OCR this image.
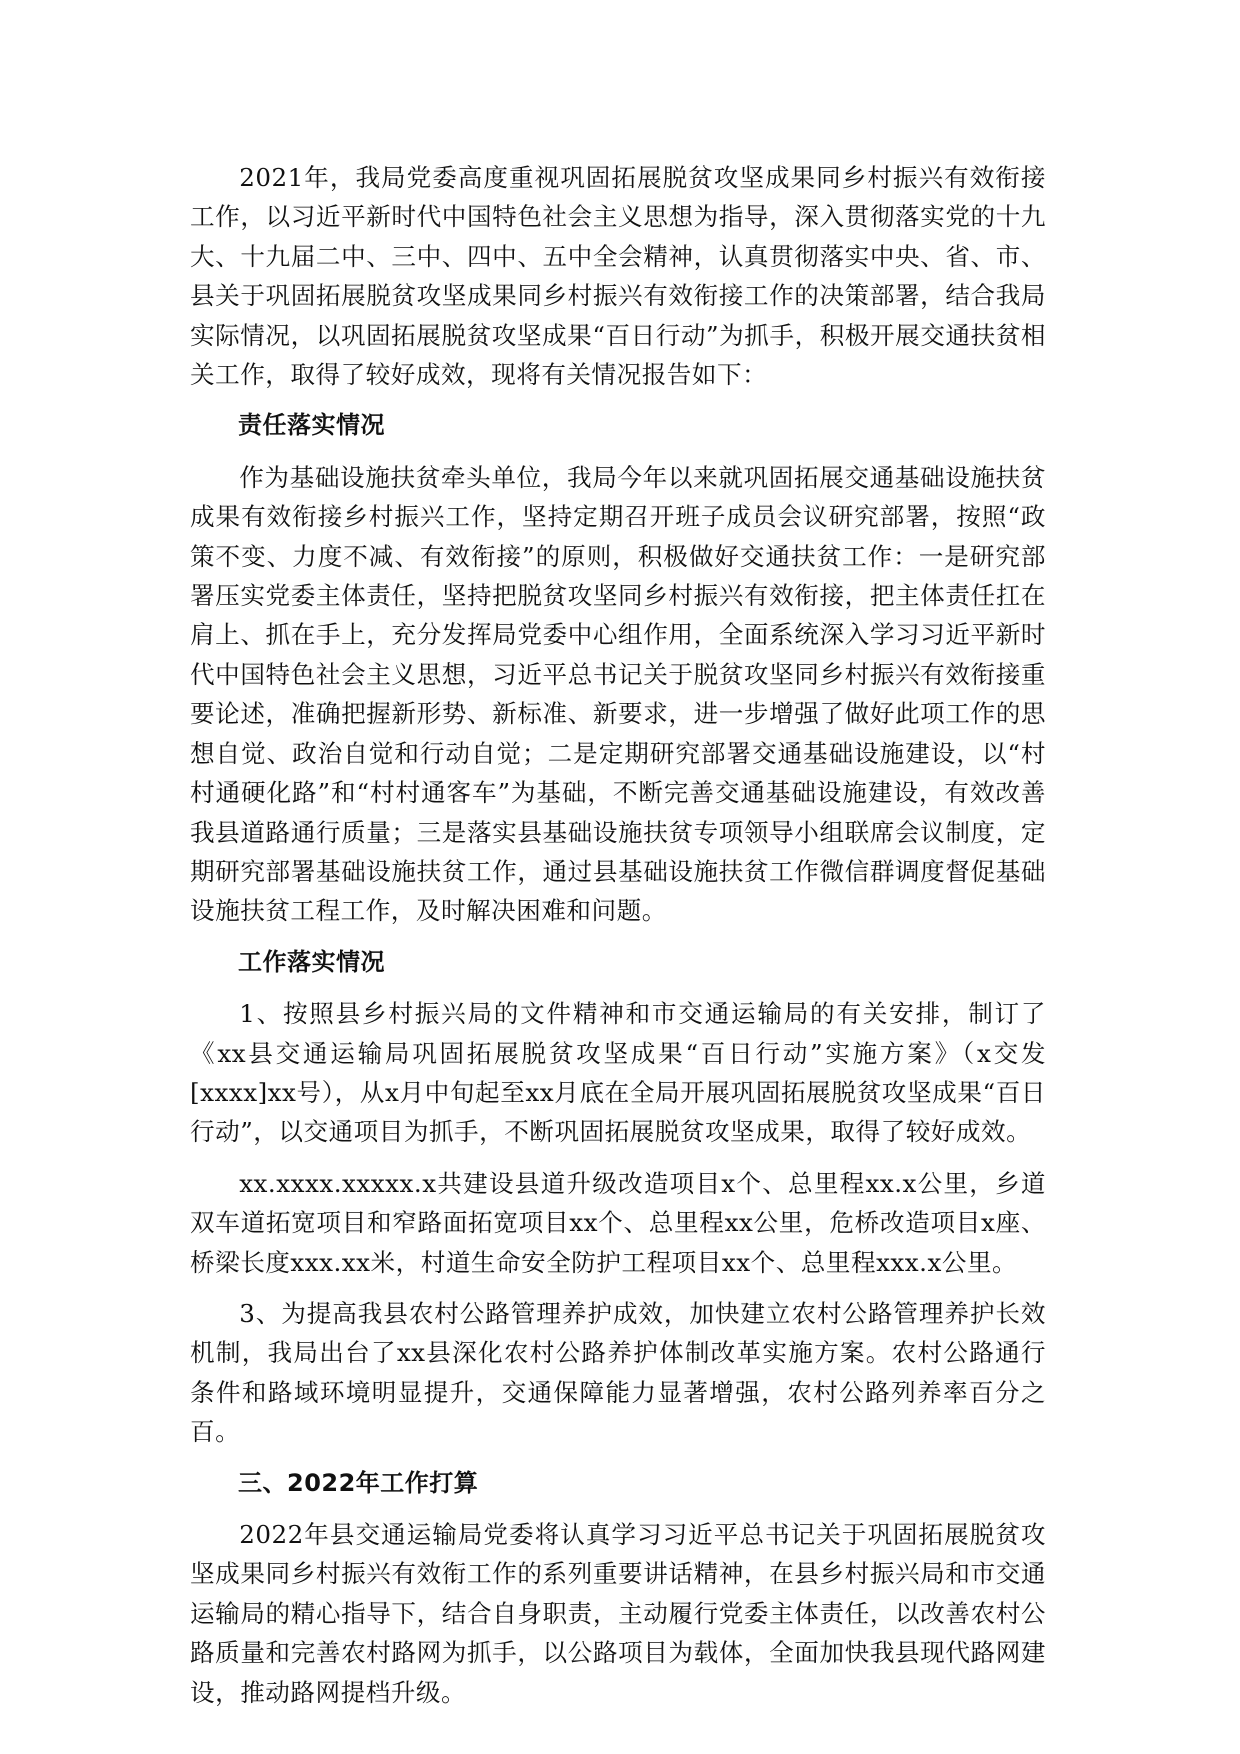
2021年，我局党委高度重视巩固拓展脱贫攻坚成果同乡村振兴有效衔接工作，以习近平新时代中国特色社会主义思想为指导，深入贯彻落实党的十九大、十九届二中、三中、四中、五中全会精神，认真贯彻落实中央、省、市、县关于巩固拓展脱贫攻坚成果同乡村振兴有效衔接工作的决策部署，结合我局实际情况，以巩固拓展脱贫攻坚成果“百日行动”为抓手，积极开展交通扶贫相关工作，取得了较好成效，现将有关情况报告如下：

责任落实情况

作为基础设施扶贫牵头单位，我局今年以来就巩固拓展交通基础设施扶贫成果有效衔接乡村振兴工作，坚持定期召开班子成员会议研究部署，按照“政策不变、力度不减、有效衔接”的原则，积极做好交通扶贫工作：一是研究部署压实党委主体责任，坚持把脱贫攻坚同乡村振兴有效衔接，把主体责任扛在肩上、抓在手上，充分发挥局党委中心组作用，全面系统深入学习习近平新时代中国特色社会主义思想，习近平总书记关于脱贫攻坚同乡村振兴有效衔接重要论述，准确把握新形势、新标准、新要求，进一步增强了做好此项工作的思想自觉、政治自觉和行动自觉；二是定期研究部署交通基础设施建设，以“村村通硬化路”和“村村通客车”为基础，不断完善交通基础设施建设，有效改善我县道路通行质量；三是落实县基础设施扶贫专项领导小组联席会议制度，定期研究部署基础设施扶贫工作，通过县基础设施扶贫工作微信群调度督促基础设施扶贫工程工作，及时解决困难和问题。

工作落实情况

1、按照县乡村振兴局的文件精神和市交通运输局的有关安排，制订了《xx县交通运输局巩固拓展脱贫攻坚成果“百日行动”实施方案》（x交发[xxxx]xx号），从x月中旬起至xx月底在全局开展巩固拓展脱贫攻坚成果“百日行动”，以交通项目为抓手，不断巩固拓展脱贫攻坚成果，取得了较好成效。

xx.xxxx.xxxxx.x共建设县道升级改造项目x个、总里程xx.x公里，乡道双车道拓宽项目和窄路面拓宽项目xx个、总里程xx公里，危桥改造项目x座、桥梁长度xxx.xx米，村道生命安全防护工程项目xx个、总里程xxx.x公里。

3、为提高我县农村公路管理养护成效，加快建立农村公路管理养护长效机制，我局出台了xx县深化农村公路养护体制改革实施方案。农村公路通行条件和路域环境明显提升，交通保障能力显著增强，农村公路列养率百分之百。

三、2022年工作打算

2022年县交通运输局党委将认真学习习近平总书记关于巩固拓展脱贫攻坚成果同乡村振兴有效衔工作的系列重要讲话精神，在县乡村振兴局和市交通运输局的精心指导下，结合自身职责，主动履行党委主体责任，以改善农村公路质量和完善农村路网为抓手，以公路项目为载体，全面加快我县现代路网建设，推动路网提档升级。
